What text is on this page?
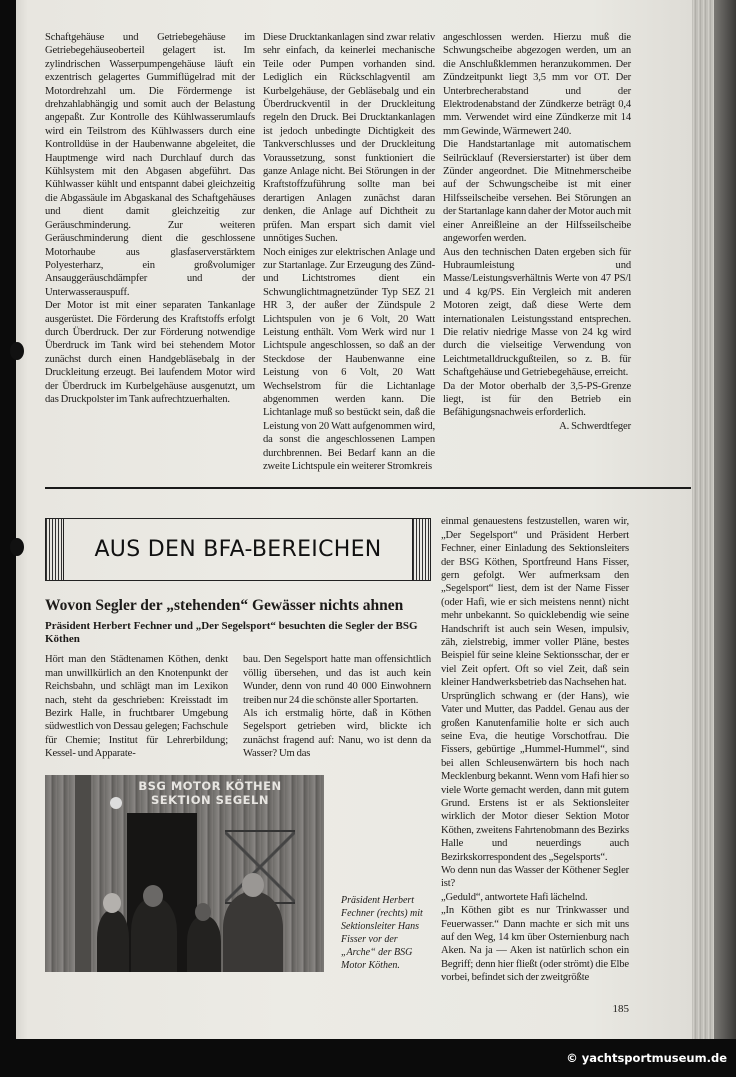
Schaftgehäuse und Getriebegehäuse im Getriebegehäuseoberteil gelagert ist. Im zylindrischen Wasserpumpengehäuse läuft ein exzentrisch gelagertes Gummiflügelrad mit der Motordrehzahl um. Die Fördermenge ist drehzahlabhängig und somit auch der Belastung angepaßt. Zur Kontrolle des Kühlwasserumlaufs wird ein Teilstrom des Kühlwassers durch eine Kontrolldüse in der Haubenwanne abgeleitet, die Hauptmenge wird nach Durchlauf durch das Kühlsystem mit den Abgasen abgeführt. Das Kühlwasser kühlt und entspannt dabei gleichzeitig die Abgassäule im Abgaskanal des Schaftgehäuses und dient damit gleichzeitig zur Geräuschminderung. Zur weiteren Geräuschminderung dient die geschlossene Motorhaube aus glasfaserverstärktem Polyesterharz, ein großvolumiger Ansauggeräuschdämpfer und der Unterwasserauspuff.

Der Motor ist mit einer separaten Tankanlage ausgerüstet. Die Förderung des Kraftstoffs erfolgt durch Überdruck. Der zur Förderung notwendige Überdruck im Tank wird bei stehendem Motor zunächst durch einen Handgebläsebalg in der Druckleitung erzeugt. Bei laufendem Motor wird der Überdruck im Kurbelgehäuse ausgenutzt, um das Druckpolster im Tank aufrechtzuerhalten.

Diese Drucktankanlagen sind zwar relativ sehr einfach, da keinerlei mechanische Teile oder Pumpen vorhanden sind. Lediglich ein Rückschlagventil am Kurbelgehäuse, der Gebläsebalg und ein Überdruckventil in der Druckleitung regeln den Druck. Bei Drucktankanlagen ist jedoch unbedingte Dichtigkeit des Tankverschlusses und der Druckleitung Voraussetzung, sonst funktioniert die ganze Anlage nicht. Bei Störungen in der Kraftstoffzuführung sollte man bei derartigen Anlagen zunächst daran denken, die Anlage auf Dichtheit zu prüfen. Man erspart sich damit viel unnötiges Suchen.

Noch einiges zur elektrischen Anlage und zur Startanlage. Zur Erzeugung des Zünd- und Lichtstromes dient ein Schwunglichtmagnetzünder Typ SEZ 21 HR 3, der außer der Zündspule 2 Lichtspulen von je 6 Volt, 20 Watt Leistung enthält. Vom Werk wird nur 1 Lichtspule angeschlossen, so daß an der Steckdose der Haubenwanne eine Leistung von 6 Volt, 20 Watt Wechselstrom für die Lichtanlage abgenommen werden kann. Die Lichtanlage muß so bestückt sein, daß die Leistung von 20 Watt aufgenommen wird, da sonst die angeschlossenen Lampen durchbrennen. Bei Bedarf kann an die zweite Lichtspule ein weiterer Stromkreis

angeschlossen werden. Hierzu muß die Schwungscheibe abgezogen werden, um an die Anschlußklemmen heranzukommen. Der Zündzeitpunkt liegt 3,5 mm vor OT. Der Unterbrecherabstand und der Elektrodenabstand der Zündkerze beträgt 0,4 mm. Verwendet wird eine Zündkerze mit 14 mm Gewinde, Wärmewert 240.

Die Handstartanlage mit automatischem Seilrücklauf (Reversierstarter) ist über dem Zünder angeordnet. Die Mitnehmerscheibe auf der Schwungscheibe ist mit einer Hilfsseilscheibe versehen. Bei Störungen an der Startanlage kann daher der Motor auch mit einer Anreißleine an der Hilfsseilscheibe angeworfen werden.

Aus den technischen Daten ergeben sich für Hubraumleistung und Masse/Leistungsverhältnis Werte von 47 PS/l und 4 kg/PS. Ein Vergleich mit anderen Motoren zeigt, daß diese Werte dem internationalen Leistungsstand entsprechen. Die relativ niedrige Masse von 24 kg wird durch die vielseitige Verwendung von Leichtmetalldruckgußteilen, so z. B. für Schaftgehäuse und Getriebegehäuse, erreicht.

Da der Motor oberhalb der 3,5-PS-Grenze liegt, ist für den Betrieb ein Befähigungsnachweis erforderlich.

A. Schwerdtfeger

AUS DEN BFA-BEREICHEN
Wovon Segler der „stehenden“ Gewässer nichts ahnen
Präsident Herbert Fechner und „Der Segelsport“ besuchten die Segler der BSG Köthen

Hört man den Städtenamen Köthen, denkt man unwillkürlich an den Knotenpunkt der Reichsbahn, und schlägt man im Lexikon nach, steht da geschrieben: Kreisstadt im Bezirk Halle, in fruchtbarer Umgebung südwestlich von Dessau gelegen; Fachschule für Chemie; Institut für Lehrerbildung; Kessel- und Apparate-

bau. Den Segelsport hatte man offensichtlich völlig übersehen, und das ist auch kein Wunder, denn von rund 40 000 Einwohnern treiben nur 24 die schönste aller Sportarten.

Als ich erstmalig hörte, daß in Köthen Segelsport getrieben wird, blickte ich zunächst fragend auf: Nanu, wo ist denn da Wasser? Um das

BSG MOTOR KÖTHEN
SEKTION SEGELN
Präsident Herbert Fechner (rechts) mit Sektionsleiter Hans Fisser vor der „Arche“ der BSG Motor Köthen.

einmal genauestens festzustellen, waren wir, „Der Segelsport“ und Präsident Herbert Fechner, einer Einladung des Sektionsleiters der BSG Köthen, Sportfreund Hans Fisser, gern gefolgt. Wer aufmerksam den „Segelsport“ liest, dem ist der Name Fisser (oder Hafi, wie er sich meistens nennt) nicht mehr unbekannt. So quicklebendig wie seine Handschrift ist auch sein Wesen, impulsiv, zäh, zielstrebig, immer voller Pläne, bestes Beispiel für seine kleine Sektionsschar, der er viel Zeit opfert. Oft so viel Zeit, daß sein kleiner Handwerksbetrieb das Nachsehen hat.

Ursprünglich schwang er (der Hans), wie Vater und Mutter, das Paddel. Genau aus der großen Kanutenfamilie holte er sich auch seine Eva, die heutige Vorschotfrau. Die Fissers, gebürtige „Hummel-Hummel“, sind bei allen Schleusenwärtern bis hoch nach Mecklenburg bekannt. Wenn vom Hafi hier so viele Worte gemacht werden, dann mit gutem Grund. Erstens ist er als Sektionsleiter wirklich der Motor dieser Sektion Motor Köthen, zweitens Fahrtenobmann des Bezirks Halle und neuerdings auch Bezirkskorrespondent des „Segelsports“.

Wo denn nun das Wasser der Köthener Segler ist?

„Geduld“, antwortete Hafi lächelnd.

„In Köthen gibt es nur Trinkwasser und Feuerwasser.“ Dann machte er sich mit uns auf den Weg, 14 km über Osternienburg nach Aken. Na ja — Aken ist natürlich schon ein Begriff; denn hier fließt (oder strömt) die Elbe vorbei, befindet sich der zweitgrößte

185
© yachtsportmuseum.de
